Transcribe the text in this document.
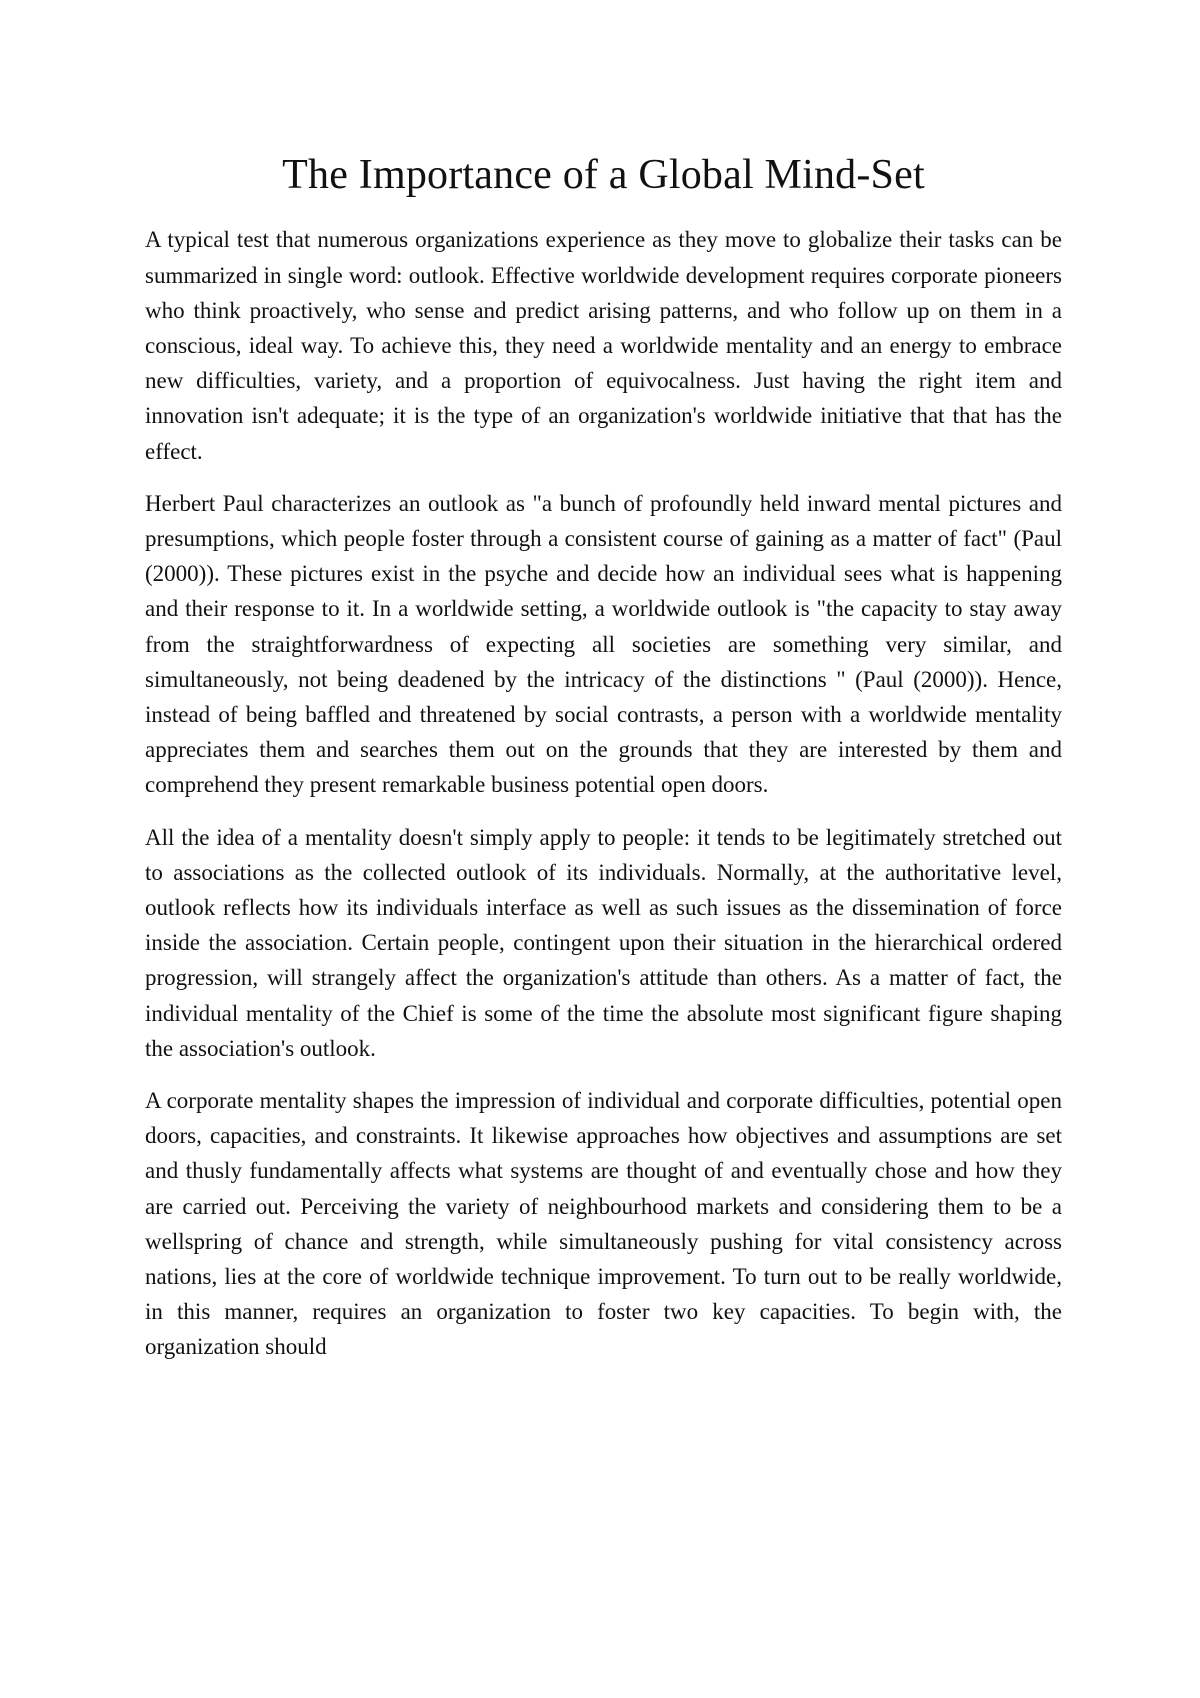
The Importance of a Global Mind-Set

A typical test that numerous organizations experience as they move to globalize their tasks can be summarized in single word: outlook. Effective worldwide development requires corporate pioneers who think proactively, who sense and predict arising patterns, and who follow up on them in a conscious, ideal way. To achieve this, they need a worldwide mentality and an energy to embrace new difficulties, variety, and a proportion of equivocalness. Just having the right item and innovation isn't adequate; it is the type of an organization's worldwide initiative that that has the effect.

Herbert Paul characterizes an outlook as "a bunch of profoundly held inward mental pictures and presumptions, which people foster through a consistent course of gaining as a matter of fact" (Paul (2000)). These pictures exist in the psyche and decide how an individual sees what is happening and their response to it. In a worldwide setting, a worldwide outlook is "the capacity to stay away from the straightforwardness of expecting all societies are something very similar, and simultaneously, not being deadened by the intricacy of the distinctions " (Paul (2000)). Hence, instead of being baffled and threatened by social contrasts, a person with a worldwide mentality appreciates them and searches them out on the grounds that they are interested by them and comprehend they present remarkable business potential open doors.

All the idea of a mentality doesn't simply apply to people: it tends to be legitimately stretched out to associations as the collected outlook of its individuals. Normally, at the authoritative level, outlook reflects how its individuals interface as well as such issues as the dissemination of force inside the association. Certain people, contingent upon their situation in the hierarchical ordered progression, will strangely affect the organization's attitude than others. As a matter of fact, the individual mentality of the Chief is some of the time the absolute most significant figure shaping the association's outlook.

A corporate mentality shapes the impression of individual and corporate difficulties, potential open doors, capacities, and constraints. It likewise approaches how objectives and assumptions are set and thusly fundamentally affects what systems are thought of and eventually chose and how they are carried out. Perceiving the variety of neighbourhood markets and considering them to be a wellspring of chance and strength, while simultaneously pushing for vital consistency across nations, lies at the core of worldwide technique improvement. To turn out to be really worldwide, in this manner, requires an organization to foster two key capacities. To begin with, the organization should
